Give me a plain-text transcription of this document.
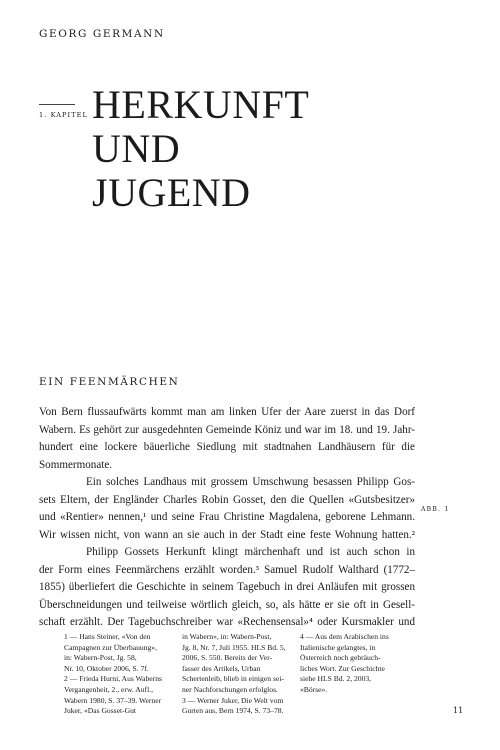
GEORG GERMANN
1. KAPITEL HERKUNFT
UND
JUGEND
EIN FEENMÄRCHEN
Von Bern flussaufwärts kommt man am linken Ufer der Aare zuerst in das Dorf
Wabern. Es gehört zur ausgedehnten Gemeinde Köniz und war im 18. und 19. Jahr-
hundert eine lockere bäuerliche Siedlung mit stadtnahen Landhäusern für die
Sommermonate.
Ein solches Landhaus mit grossem Umschwung besassen Philipp Gos-
sets Eltern, der Engländer Charles Robin Gosset, den die Quellen «Gutsbesitzer»
und «Rentier» nennen,¹ und seine Frau Christine Magdalena, geborene Lehmann.
Wir wissen nicht, von wann an sie auch in der Stadt eine feste Wohnung hatten.²
Philipp Gossets Herkunft klingt märchenhaft und ist auch schon in
der Form eines Feenmärchens erzählt worden.³ Samuel Rudolf Walthard (1772–
1855) überliefert die Geschichte in seinem Tagebuch in drei Anläufen mit grossen
Überschneidungen und teilweise wörtlich gleich, so, als hätte er sie oft in Gesell-
schaft erzählt. Der Tagebuchschreiber war «Rechensensal»⁴ oder Kursmakler und
ABB. 1
1 — Hans Steiner, «Von den
Campagnen zur Überbauung»,
in: Wabern-Post, Jg. 58,
Nr. 10, Oktober 2006, S. 7f.
2 — Frieda Hurni, Aus Waberns
Vergangenheit, 2., erw. Aufl.,
Wabern 1980, S. 37–39. Werner
Juker, «Das Gosset-Gut
in Wabern», in: Wabern-Post,
Jg. 8, Nr. 7, Juli 1955. HLS Bd. 5,
2006, S. 550. Bereits der Ver-
fasser des Artikels, Urban
Schertenleib, blieb in einigen sei-
ner Nachforschungen erfolglos.
3 — Werner Juker, Die Welt vom
Gurten aus, Bern 1974, S. 73–78.
4 — Aus dem Arabischen ins
Italienische gelangtes, in
Österreich noch gebräuch-
liches Wort. Zur Geschichte
siehe HLS Bd. 2, 2003,
«Börse».
11
